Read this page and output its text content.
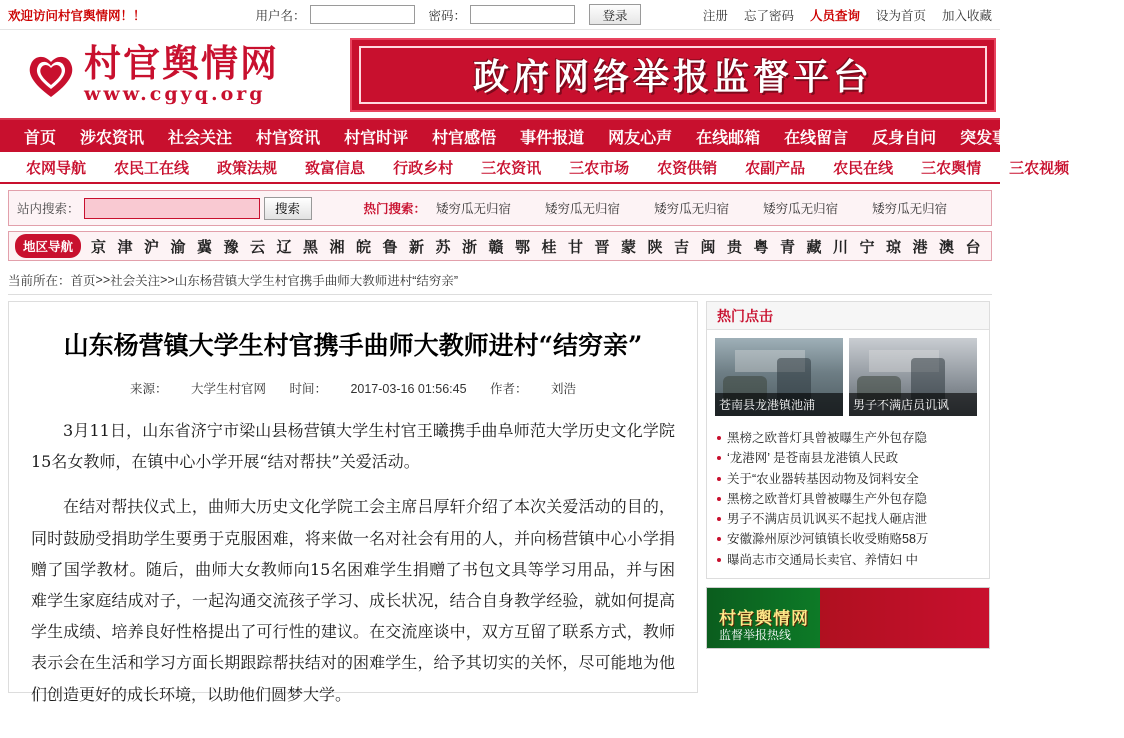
欢迎访问村官舆情网！！	用户名：	密码：	登录	注册 忘了密码 人员查询 设为首页 加入收藏
村官舆情网
www.cgyq.org	政府网络举报监督平台
首页	涉农资讯	社会关注	村官资讯	村官时评	村官感悟	事件报道	网友心声	在线邮箱	在线留言	反身自问	突发事件	特别调查
农网导航	农民工在线	政策法规	致富信息	行政乡村	三农资讯	三农市场	农资供销	农副产品	农民在线	三农舆情	三农视频
站内搜索：	搜索	热门搜索： 矮穷瓜无归宿	矮穷瓜无归宿	矮穷瓜无归宿	矮穷瓜无归宿	矮穷瓜无归宿
地区导航	京 津 沪 渝 冀 豫 云 辽 黑 湘 皖 鲁 新 苏 浙 赣 鄂 桂 甘 晋 蒙 陕 吉 闽 贵 粤 青 藏 川 宁 琼 港 澳 台
当前所在： 首页 >> 社会关注 >> 山东杨营镇大学生村官携手曲师大教师进村“结穷亲”
山东杨营镇大学生村官携手曲师大教师进村“结穷亲”
来源： 大学生村官网 时间： 2017-03-16 01:56:45 作者： 刘浩

3月11日，山东省济宁市梁山县杨营镇大学生村官王曦携手曲阜师范大学历史文化学院15名女教师，在镇中心小学开展“结对帮扶”关爱活动。

在结对帮扶仪式上，曲师大历史文化学院工会主席吕厚轩介绍了本次关爱活动的目的，同时鼓励受捐助学生要勇于克服困难，将来做一名对社会有用的人，并向杨营镇中心小学捐赠了国学教材。随后，曲师大女教师向15名困难学生捐赠了书包文具等学习用品，并与困难学生家庭结成对子，一起沟通交流孩子学习、成长状况，结合自身教学经验，就如何提高学生成绩、培养良好性格提出了可行性的建议。在交流座谈中，双方互留了联系方式，教师表示会在生活和学习方面长期跟踪帮扶结对的困难学生，给予其切实的关怀，尽可能地为他们创造更好的成长环境，以助他们圆梦大学。

热门点击
苍南县龙港镇池浦	男子不满店员讥讽
黑榜之欧普灯具曾被曝生产外包存隐
‘龙港网’ 是苍南县龙港镇人民政
关于“农业器转基因动物及饲料安全
黑榜之欧普灯具曾被曝生产外包存隐
男子不满店员讥讽买不起找人砸店泄
安徽滁州原沙河镇镇长收受贿赂58万
曝尚志市交通局长卖官、养情妇 中
村官舆情网
监督举报热线
